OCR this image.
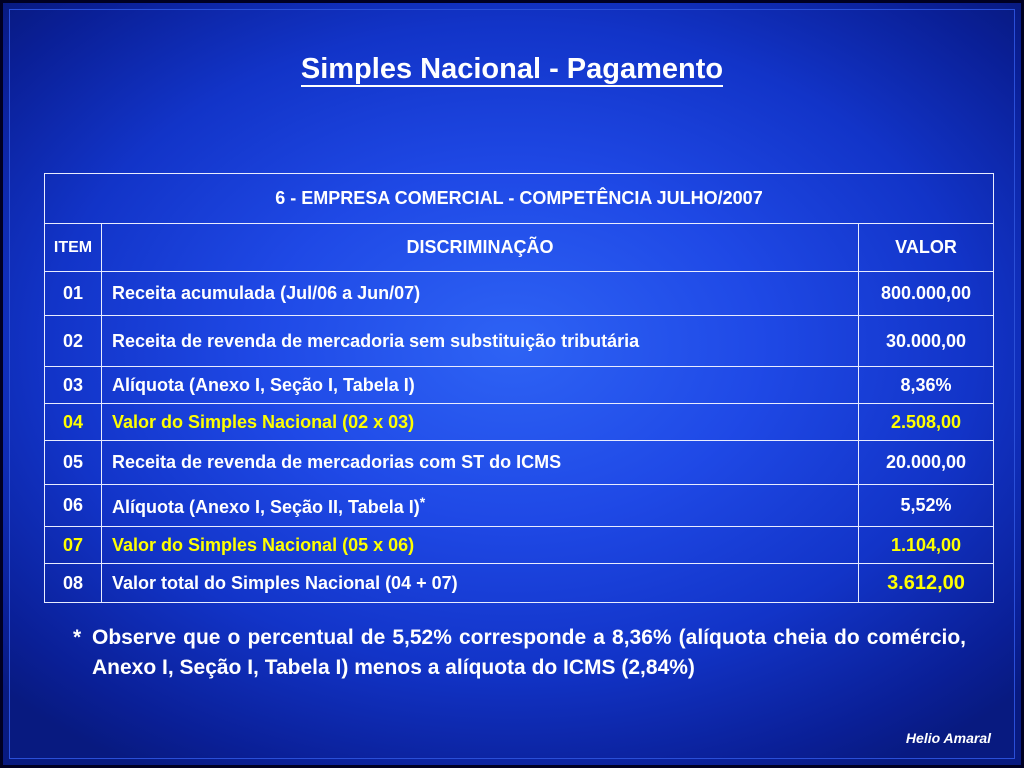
Simples Nacional - Pagamento
6 - EMPRESA COMERCIAL - COMPETÊNCIA JULHO/2007		
ITEM	DISCRIMINAÇÃO	VALOR
01	Receita acumulada (Jul/06 a Jun/07)	800.000,00
02	Receita de revenda de mercadoria sem substituição tributária	30.000,00
03	Alíquota (Anexo I, Seção I, Tabela I)	8,36%
04	Valor do Simples Nacional (02 x 03)	2.508,00
05	Receita de revenda de mercadorias com ST do ICMS	20.000,00
06	Alíquota (Anexo I, Seção II, Tabela I)*	5,52%
07	Valor do Simples Nacional (05 x 06)	1.104,00
08	Valor total do Simples Nacional (04 + 07)	3.612,00
* Observe que o percentual de 5,52% corresponde a 8,36% (alíquota cheia do comércio, Anexo I, Seção I, Tabela I) menos a alíquota do ICMS (2,84%)
Helio Amaral
